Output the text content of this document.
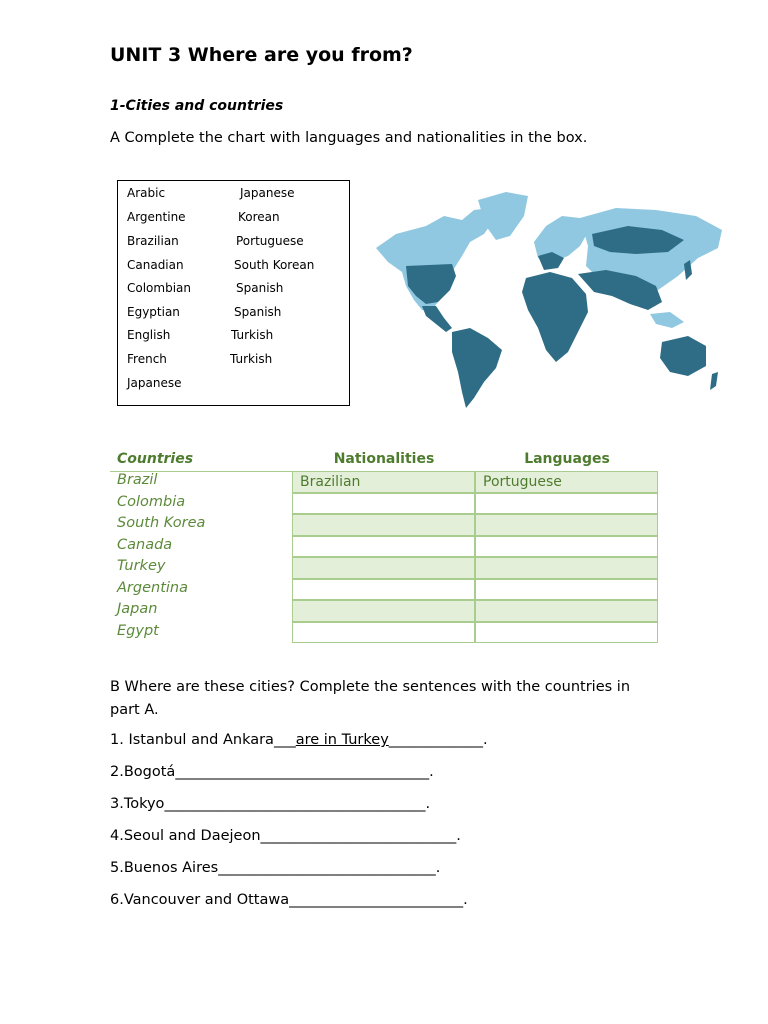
UNIT 3 Where are you from?
1-Cities and countries
A Complete the chart with languages and nationalities in the box.
Arabic
Argentine
Brazilian
Canadian
Colombian
Egyptian
English
French
Japanese
Japanese
Korean
Portuguese
South Korean
Spanish
Spanish
Turkish
Turkish
Countries	Nationalities	Languages
Brazil	Brazilian	Portuguese
Colombia
South Korea
Canada
Turkey
Argentina
Japan
Egypt
B Where are these cities? Complete the sentences with the countries in part A.
1. Istanbul and Ankara___are in Turkey_____________.
2.Bogotá___________________________________.
3.Tokyo____________________________________.
4.Seoul and Daejeon___________________________.
5.Buenos Aires______________________________.
6.Vancouver and Ottawa________________________.
